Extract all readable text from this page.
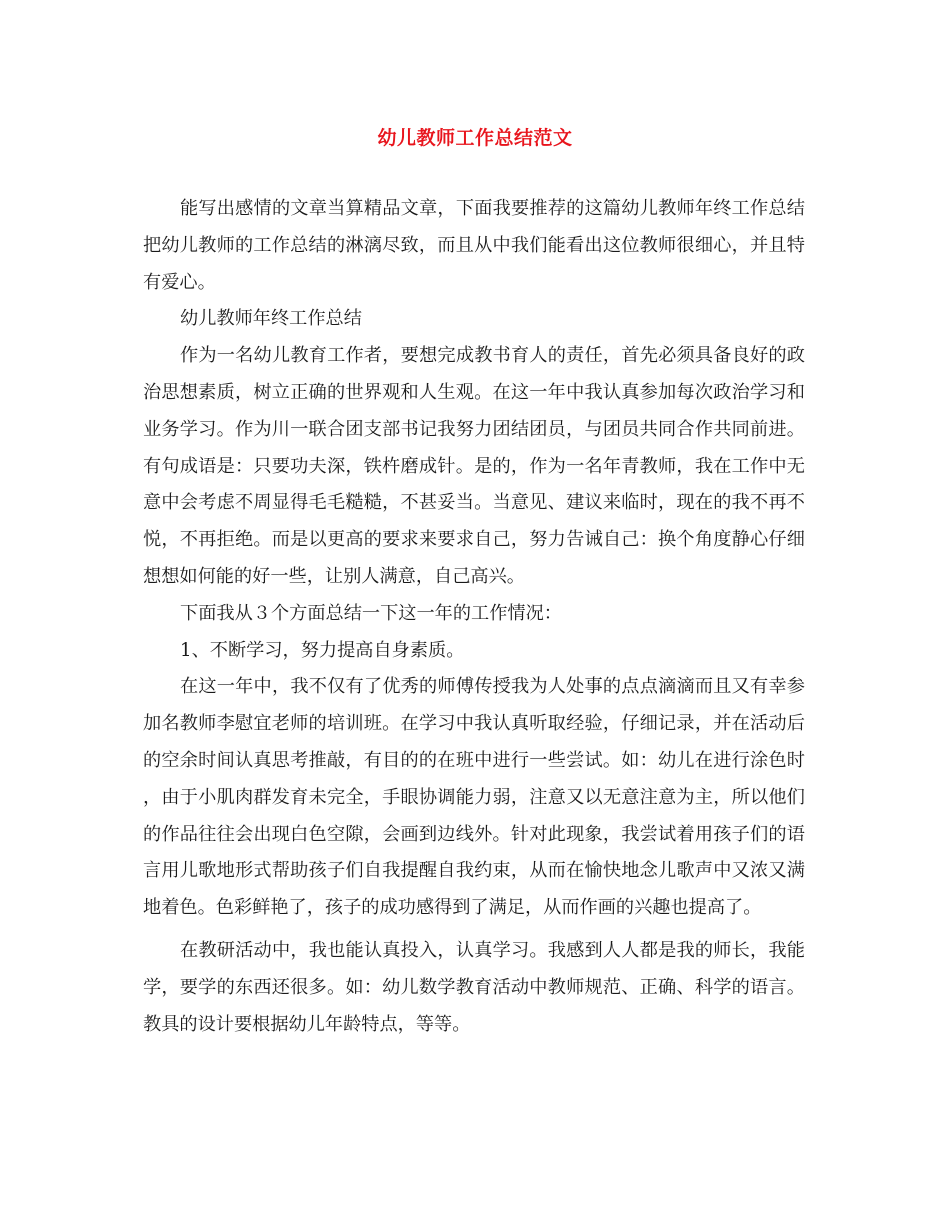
幼儿教师工作总结范文

能写出感情的文章当算精品文章，下面我要推荐的这篇幼儿教师年终工作总结把幼儿教师的工作总结的淋漓尽致，而且从中我们能看出这位教师很细心，并且特有爱心。

幼儿教师年终工作总结

作为一名幼儿教育工作者，要想完成教书育人的责任，首先必须具备良好的政治思想素质，树立正确的世界观和人生观。在这一年中我认真参加每次政治学习和业务学习。作为川一联合团支部书记我努力团结团员，与团员共同合作共同前进。有句成语是：只要功夫深，铁杵磨成针。是的，作为一名年青教师，我在工作中无意中会考虑不周显得毛毛糙糙，不甚妥当。当意见、建议来临时，现在的我不再不悦，不再拒绝。而是以更高的要求来要求自己，努力告诫自己：换个角度静心仔细想想如何能的好一些，让别人满意，自己高兴。

下面我从３个方面总结一下这一年的工作情况：

1、不断学习，努力提高自身素质。

在这一年中，我不仅有了优秀的师傅传授我为人处事的点点滴滴而且又有幸参加名教师李慰宜老师的培训班。在学习中我认真听取经验，仔细记录，并在活动后的空余时间认真思考推敲，有目的的在班中进行一些尝试。如：幼儿在进行涂色时，由于小肌肉群发育未完全，手眼协调能力弱，注意又以无意注意为主，所以他们的作品往往会出现白色空隙，会画到边线外。针对此现象，我尝试着用孩子们的语言用儿歌地形式帮助孩子们自我提醒自我约束，从而在愉快地念儿歌声中又浓又满地着色。色彩鲜艳了，孩子的成功感得到了满足，从而作画的兴趣也提高了。

在教研活动中，我也能认真投入，认真学习。我感到人人都是我的师长，我能学，要学的东西还很多。如：幼儿数学教育活动中教师规范、正确、科学的语言。教具的设计要根据幼儿年龄特点，等等。
